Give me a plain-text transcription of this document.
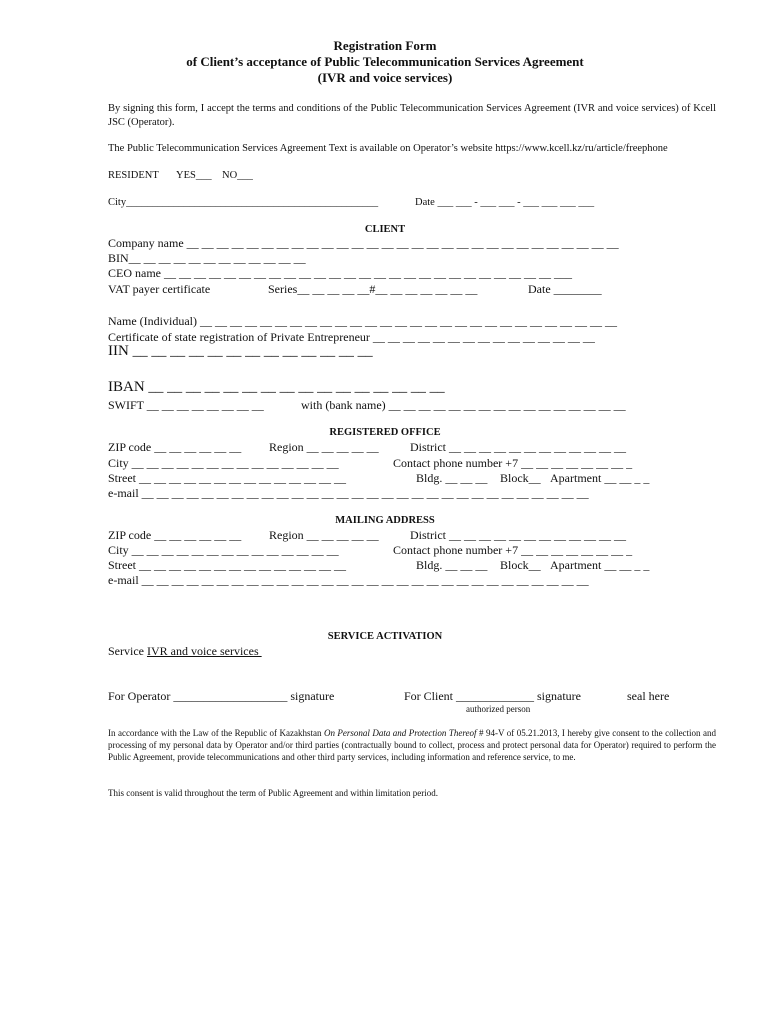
Registration Form
of Client’s acceptance of Public Telecommunication Services Agreement
(IVR and voice services)
By signing this form, I accept the terms and conditions of the Public Telecommunication Services Agreement (IVR and voice services) of Kcell JSC (Operator).
The Public Telecommunication Services Agreement Text is available on Operator’s website https://www.kcell.kz/ru/article/freephone
RESIDENT YES___ NO___
City________________________________________________	Date ___ ___ - ___ ___ - ___ ___ ___ ___
CLIENT
Company name __ __ __ __ __ __ __ __ __ __ __ __ __ __ __ __ __ __ __ __ __ __ __ __ __ __ __ __ __
BIN__ __ __ __ __ __ __ __ __ __ __ __
CEO name __ __ __ __ __ __ __ __ __ __ __ __ __ __ __ __ __ __ __ __ __ __ __ __ __ __ ___
VAT payer certificate	Series__ __ __ __ __#__ __ __ __ __ __ __	Date ________
Name (Individual) __ __ __ __ __ __ __ __ __ __ __ __ __ __ __ __ __ __ __ __ __ __ __ __ __ __ __ __
Certificate of state registration of Private Entrepreneur __ __ __ __ __ __ __ __ __ __ __ __ __ __ __
IIN __ __ __ __ __ __ __ __ __ __ __ __ __
IBAN __ __ __ __ __ __ __ __ __ __ __ __ __ __ __ __
SWIFT __ __ __ __ __ __ __ __	with (bank name) __ __ __ __ __ __ __ __ __ __ __ __ __ __ __ __
REGISTERED OFFICE
ZIP code __ __ __ __ __ __ Region __ __ __ __ __	District __ __ __ __ __ __ __ __ __ __ __ __
City __ __ __ __ __ __ __ __ __ __ __ __ __ __	Contact phone number +7 __ __ __ __ __ __ __ _
Street __ __ __ __ __ __ __ __ __ __ __ __ __ __	Bldg. __ __ __ Block__ Apartment __ __ _ _
e-mail __ __ __ __ __ __ __ __ __ __ __ __ __ __ __ __ __ __ __ __ __ __ __ __ __ __ __ __ __ __
MAILING ADDRESS
ZIP code __ __ __ __ __ __ Region __ __ __ __ __	District __ __ __ __ __ __ __ __ __ __ __ __
City __ __ __ __ __ __ __ __ __ __ __ __ __ __	Contact phone number +7 __ __ __ __ __ __ __ _
Street __ __ __ __ __ __ __ __ __ __ __ __ __ __	Bldg. __ __ __ Block__ Apartment __ __ _ _
e-mail __ __ __ __ __ __ __ __ __ __ __ __ __ __ __ __ __ __ __ __ __ __ __ __ __ __ __ __ __ __
SERVICE ACTIVATION
Service IVR and voice services
For Operator ___________________ signature	For Client _____________ signature	seal here
authorized person
In accordance with the Law of the Republic of Kazakhstan On Personal Data and Protection Thereof # 94-V of 05.21.2013, I hereby give consent to the collection and processing of my personal data by Operator and/or third parties (contractually bound to collect, process and protect personal data for Operator) required to perform the Public Agreement, provide telecommunications and other third party services, including information and reference service, to me.
This consent is valid throughout the term of Public Agreement and within limitation period.
